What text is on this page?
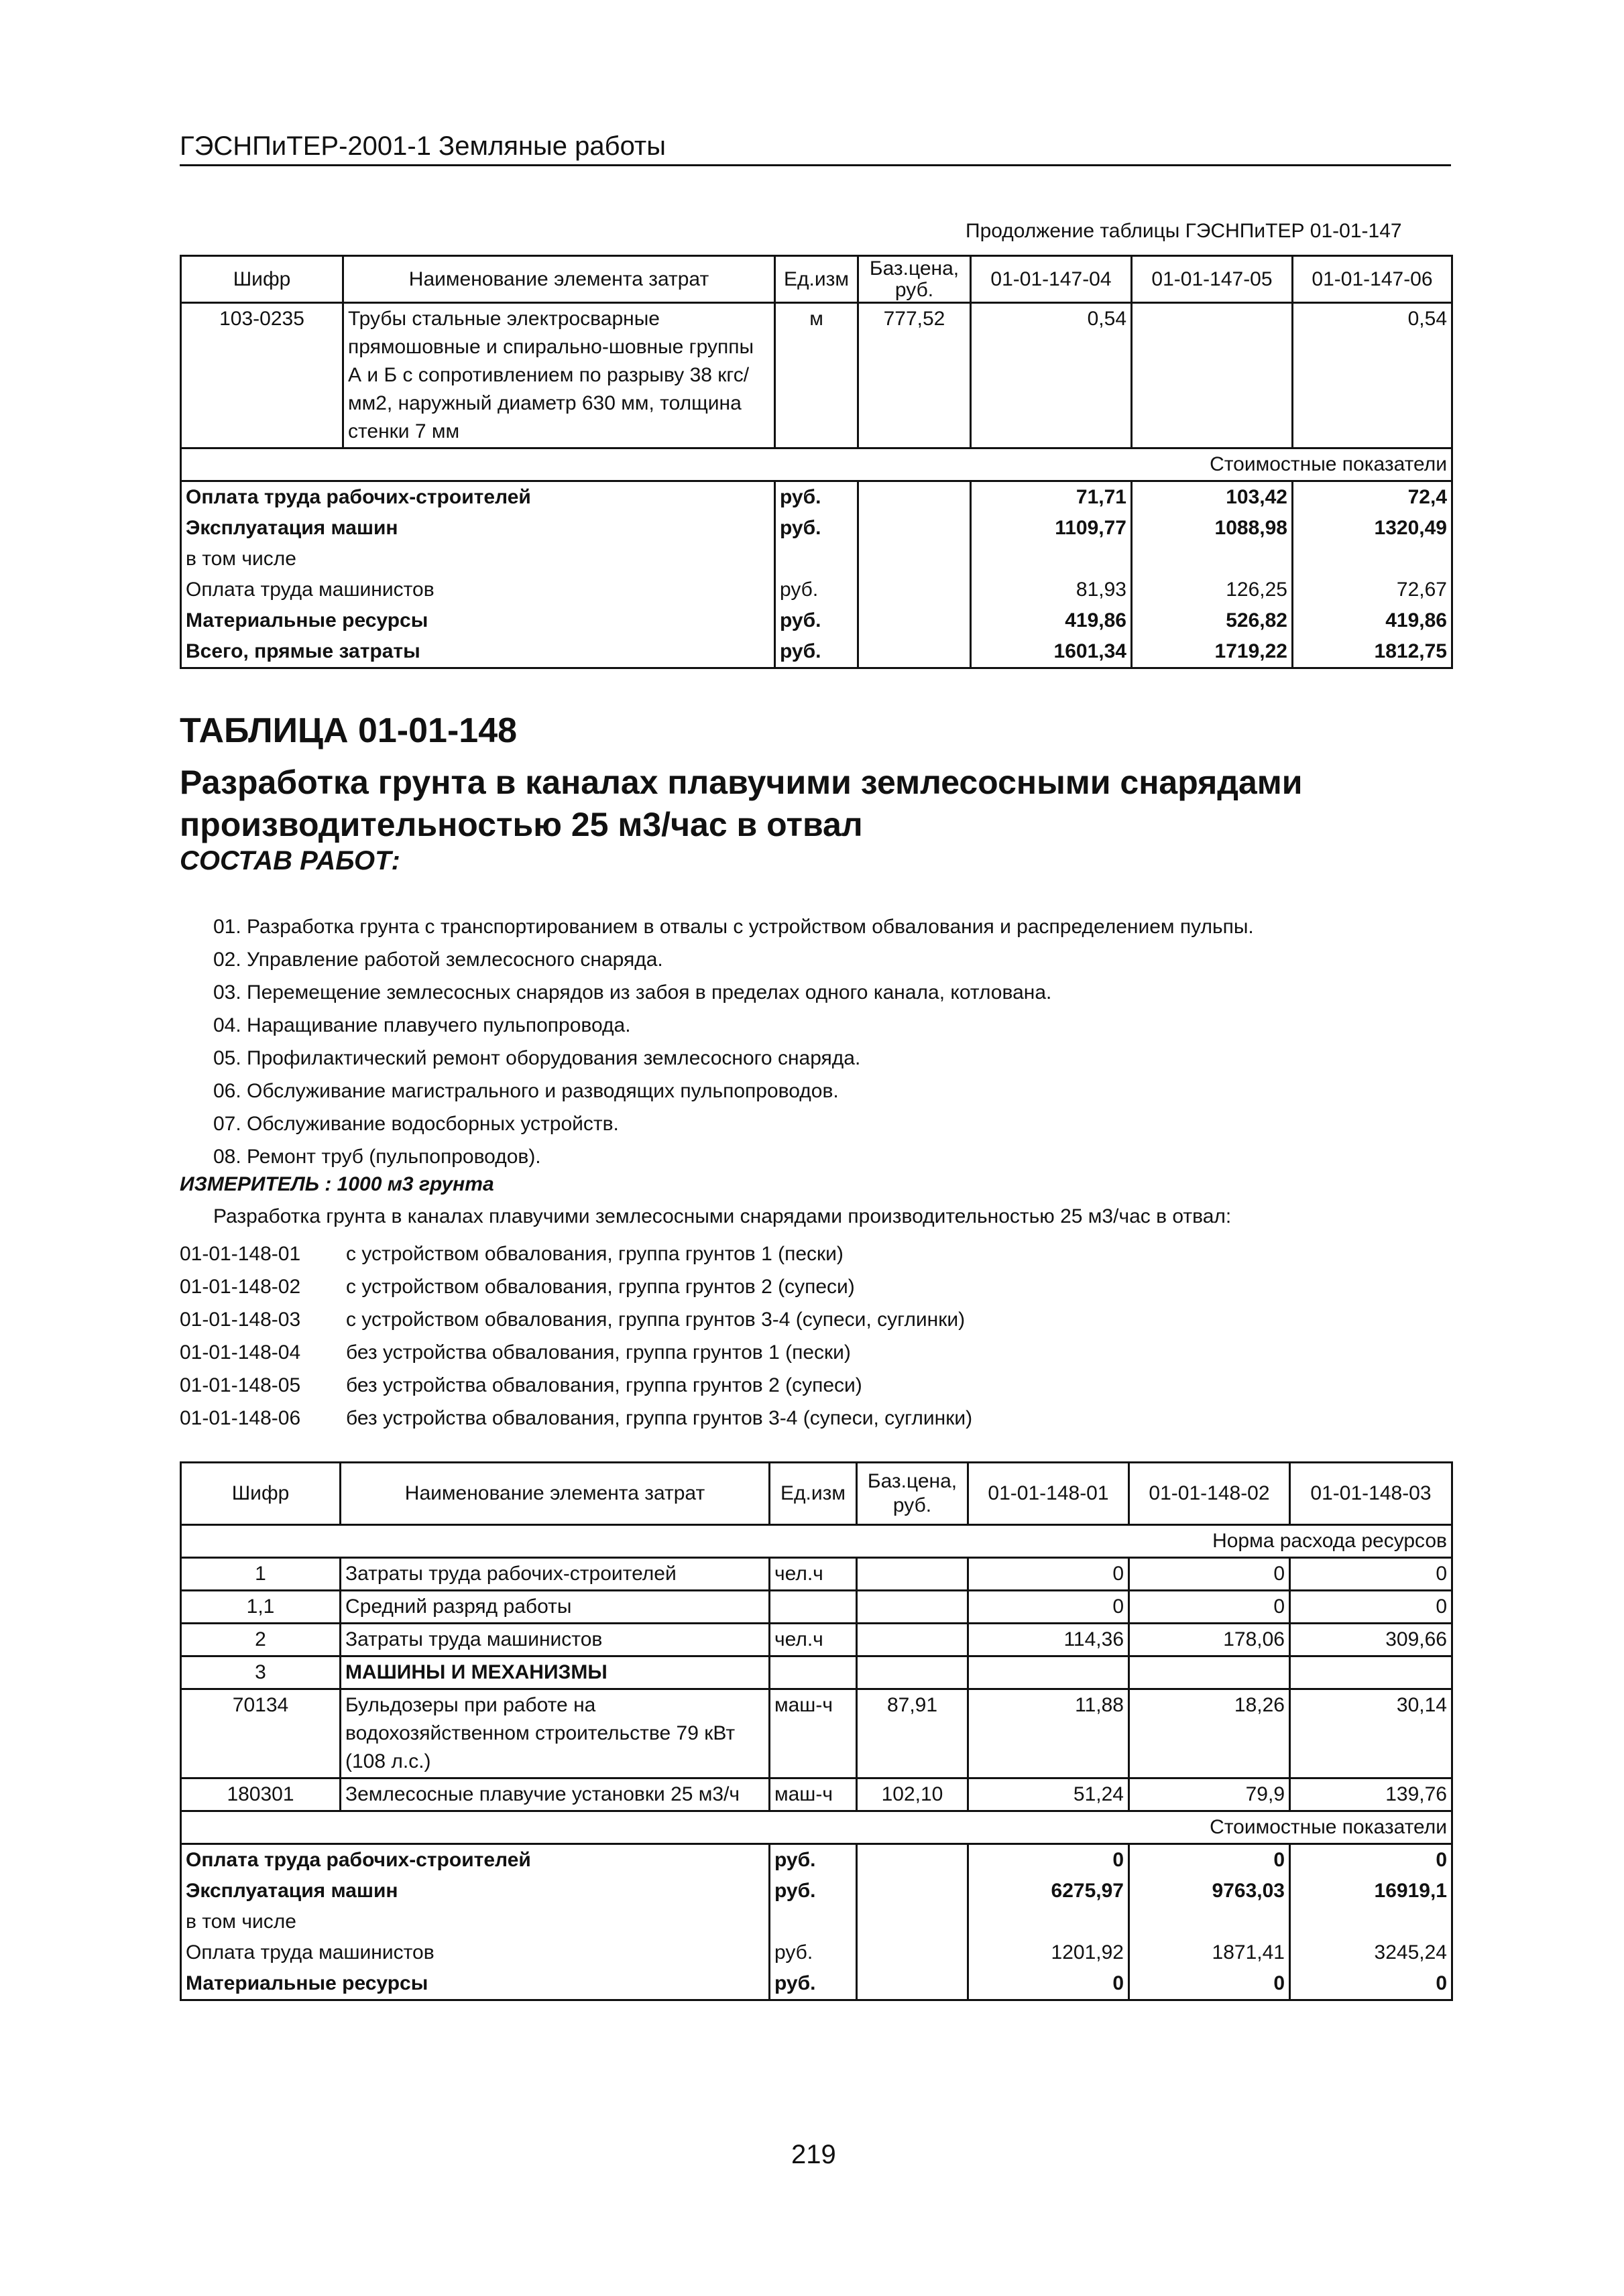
ГЭСНПиТЕР-2001-1 Земляные работы
Продолжение таблицы ГЭСНПиТЕР 01-01-147
Шифр	Наименование элемента затрат	Ед.изм	Баз.цена, руб.	01-01-147-04	01-01-147-05	01-01-147-06
103-0235	Трубы стальные электросварные прямошовные и спирально-шовные группы А и Б с сопротивлением по разрыву 38 кгс/мм2, наружный диаметр 630 мм, толщина стенки 7 мм	м	777,52	0,54		0,54
Стоимостные показатели						
Оплата труда рабочих-строителей		руб.		71,71	103,42	72,4
Эксплуатация машин		руб.		1109,77	1088,98	1320,49
в том числе						
Оплата труда машинистов		руб.		81,93	126,25	72,67
Материальные ресурсы		руб.		419,86	526,82	419,86
Всего, прямые затраты		руб.		1601,34	1719,22	1812,75
ТАБЛИЦА 01-01-148
Разработка грунта в каналах плавучими землесосными снарядами производительностью 25 м3/час в отвал
СОСТАВ РАБОТ:
01. Разработка грунта с транспортированием в отвалы с устройством обвалования и распределением пульпы.
02. Управление работой землесосного снаряда.
03. Перемещение землесосных снарядов из забоя в пределах одного канала, котлована.
04. Наращивание плавучего пульпопровода.
05. Профилактический ремонт оборудования землесосного снаряда.
06. Обслуживание магистрального и разводящих пульпопроводов.
07. Обслуживание водосборных устройств.
08. Ремонт труб (пульпопроводов).
ИЗМЕРИТЕЛЬ : 1000 м3 грунта
Разработка грунта в каналах плавучими землесосными снарядами производительностью 25 м3/час в отвал:
01-01-148-01 с устройством обвалования, группа грунтов 1 (пески)
01-01-148-02 с устройством обвалования, группа грунтов 2 (супеси)
01-01-148-03 с устройством обвалования, группа грунтов 3-4 (супеси, суглинки)
01-01-148-04 без устройства обвалования, группа грунтов 1 (пески)
01-01-148-05 без устройства обвалования, группа грунтов 2 (супеси)
01-01-148-06 без устройства обвалования, группа грунтов 3-4 (супеси, суглинки)
Шифр	Наименование элемента затрат	Ед.изм	Баз.цена, руб.	01-01-148-01	01-01-148-02	01-01-148-03
Норма расхода ресурсов						
1	Затраты труда рабочих-строителей	чел.ч		0	0	0
1,1	Средний разряд работы			0	0	0
2	Затраты труда машинистов	чел.ч		114,36	178,06	309,66
3	МАШИНЫ И МЕХАНИЗМЫ					
70134	Бульдозеры при работе на водохозяйственном строительстве 79 кВт (108 л.с.)	маш-ч	87,91	11,88	18,26	30,14
180301	Землесосные плавучие установки 25 м3/ч	маш-ч	102,10	51,24	79,9	139,76
Стоимостные показатели						
Оплата труда рабочих-строителей		руб.		0	0	0
Эксплуатация машин		руб.		6275,97	9763,03	16919,1
в том числе						
Оплата труда машинистов		руб.		1201,92	1871,41	3245,24
Материальные ресурсы		руб.		0	0	0
219
